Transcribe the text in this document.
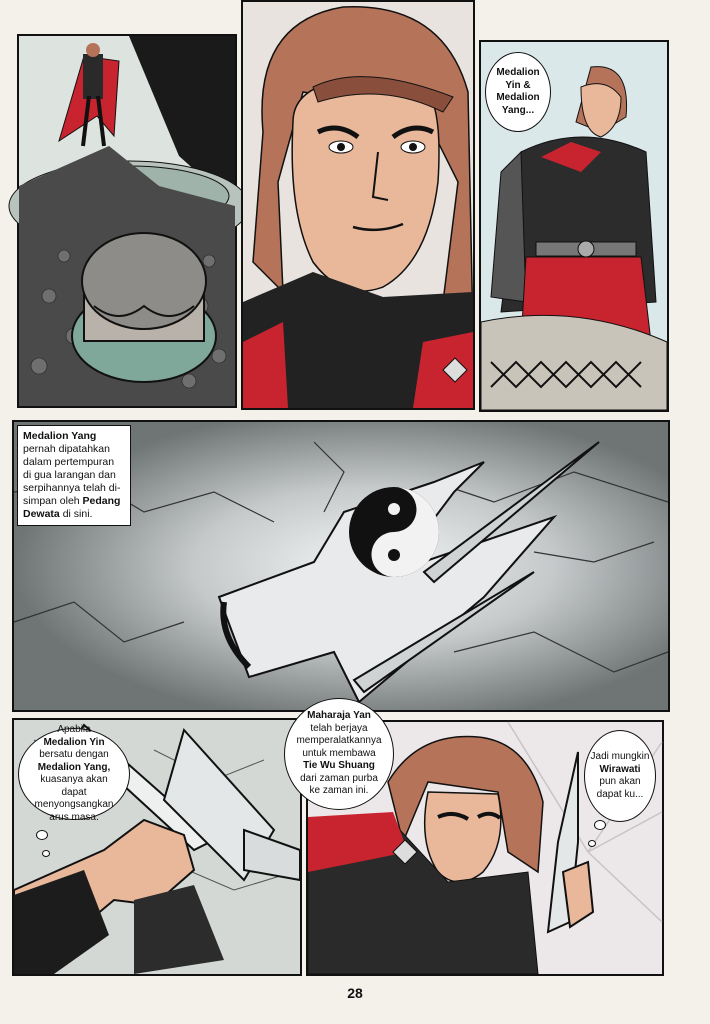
Medalion
Yin &
Medalion
Yang...
Medalion Yang pernah dipatahkan dalam pertempuran di gua larangan dan serpihannya telah di-simpan oleh Pedang Dewata di sini.
Apabila
Medalion Yin
bersatu dengan
Medalion Yang,
kuasanya akan dapat menyongsangkan arus masa.
Maharaja Yan telah berjaya memperalatkannya untuk membawa Tie Wu Shuang dari zaman purba ke zaman ini.
Jadi mungkin Wirawati pun akan dapat ku...
28
